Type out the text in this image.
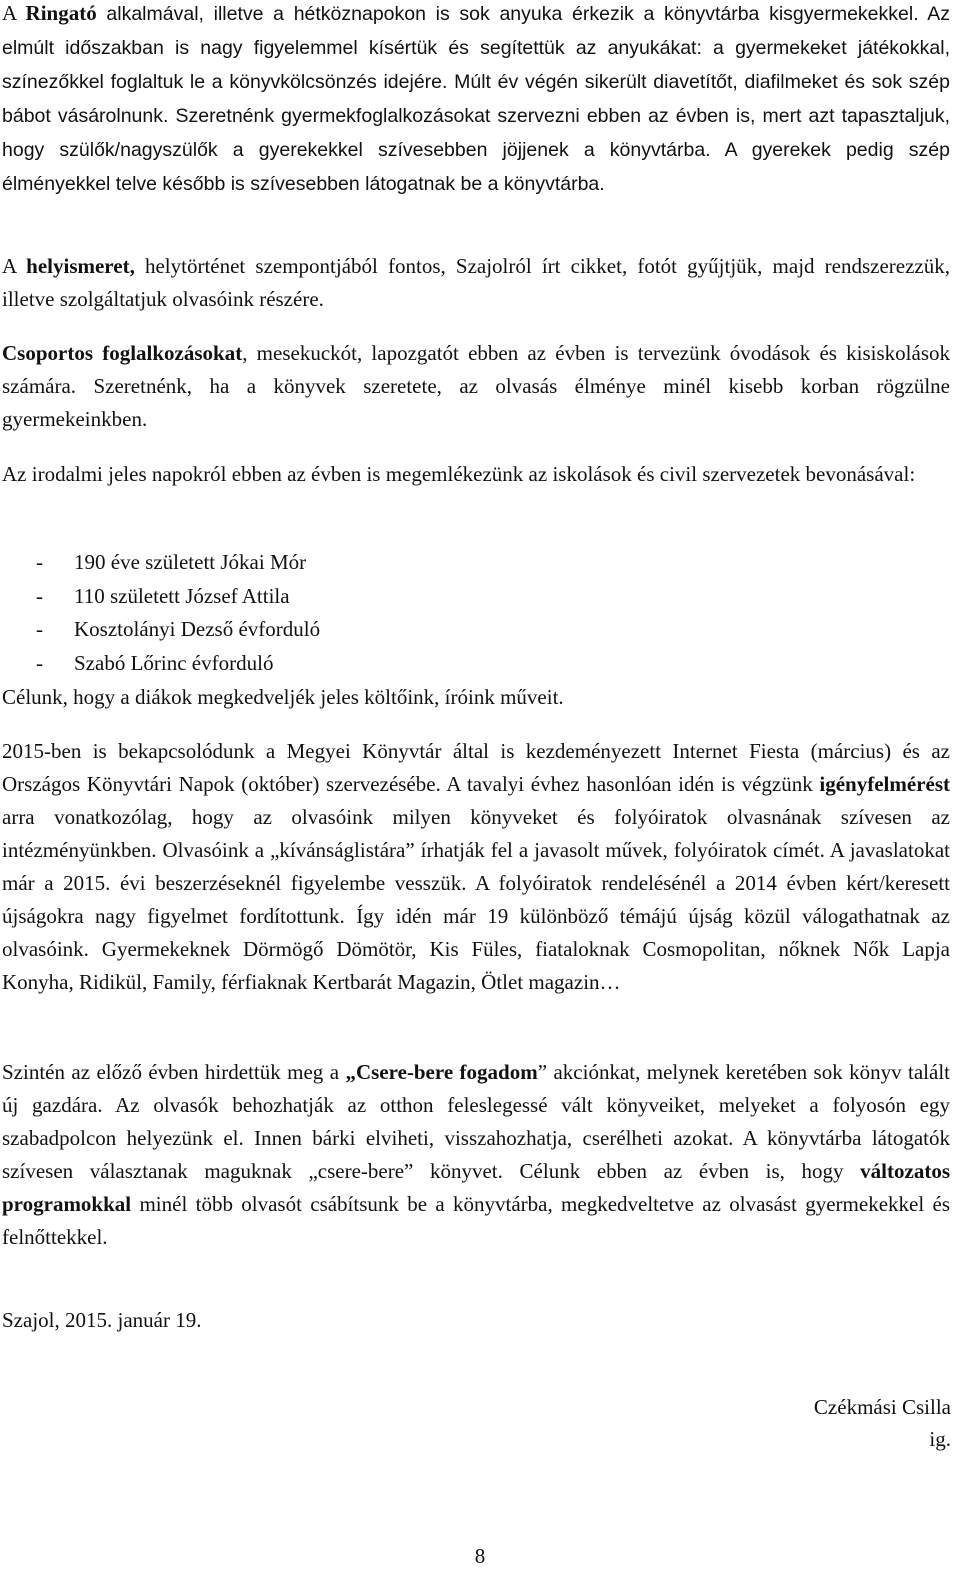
A Ringató alkalmával, illetve a hétköznapokon is sok anyuka érkezik a könyvtárba kisgyermekekkel. Az elmúlt időszakban is nagy figyelemmel kísértük és segítettük az anyukákat: a gyermekeket játékokkal, színezőkkel foglaltuk le a könyvkölcsönzés idejére. Múlt év végén sikerült diavetítőt, diafilmeket és sok szép bábot vásárolnunk. Szeretnénk gyermekfoglalkozásokat szervezni ebben az évben is, mert azt tapasztaljuk, hogy szülők/nagyszülők a gyerekekkel szívesebben jöjjenek a könyvtárba. A gyerekek pedig szép élményekkel telve később is szívesebben látogatnak be a könyvtárba.

A helyismeret, helytörténet szempontjából fontos, Szajolról írt cikket, fotót gyűjtjük, majd rendszerezzük, illetve szolgáltatjuk olvasóink részére.

Csoportos foglalkozásokat, mesekuckót, lapozgatót ebben az évben is tervezünk óvodások és kisiskolások számára. Szeretnénk, ha a könyvek szeretete, az olvasás élménye minél kisebb korban rögzülne gyermekeinkben.

Az irodalmi jeles napokról ebben az évben is megemlékezünk az iskolások és civil szervezetek bevonásával:

- 190 éve született Jókai Mór
- 110 született József Attila
- Kosztolányi Dezső évforduló
- Szabó Lőrinc évforduló

Célunk, hogy a diákok megkedveljék jeles költőink, íróink műveit.

2015-ben is bekapcsolódunk a Megyei Könyvtár által is kezdeményezett Internet Fiesta (március) és az Országos Könyvtári Napok (október) szervezésébe. A tavalyi évhez hasonlóan idén is végzünk igényfelmérést arra vonatkozólag, hogy az olvasóink milyen könyveket és folyóiratok olvasnának szívesen az intézményünkben. Olvasóink a „kívánságlistára” írhatják fel a javasolt művek, folyóiratok címét. A javaslatokat már a 2015. évi beszerzéseknél figyelembe vesszük. A folyóiratok rendelésénél a 2014 évben kért/keresett újságokra nagy figyelmet fordítottunk. Így idén már 19 különböző témájú újság közül válogathatnak az olvasóink. Gyermekeknek Dörmögő Dömötör, Kis Füles, fiataloknak Cosmopolitan, nőknek Nők Lapja Konyha, Ridikül, Family, férfiaknak Kertbarát Magazin, Ötlet magazin…

Szintén az előző évben hirdettük meg a „Csere-bere fogadom” akciónkat, melynek keretében sok könyv talált új gazdára. Az olvasók behozhatják az otthon feleslegessé vált könyveiket, melyeket a folyosón egy szabadpolcon helyezünk el. Innen bárki elviheti, visszahozhatja, cserélheti azokat. A könyvtárba látogatók szívesen választanak maguknak „csere-bere” könyvet. Célunk ebben az évben is, hogy változatos programokkal minél több olvasót csábítsunk be a könyvtárba, megkedveltetve az olvasást gyermekekkel és felnőttekkel.

Szajol, 2015. január 19.

Czékmási Csilla

ig.

8
